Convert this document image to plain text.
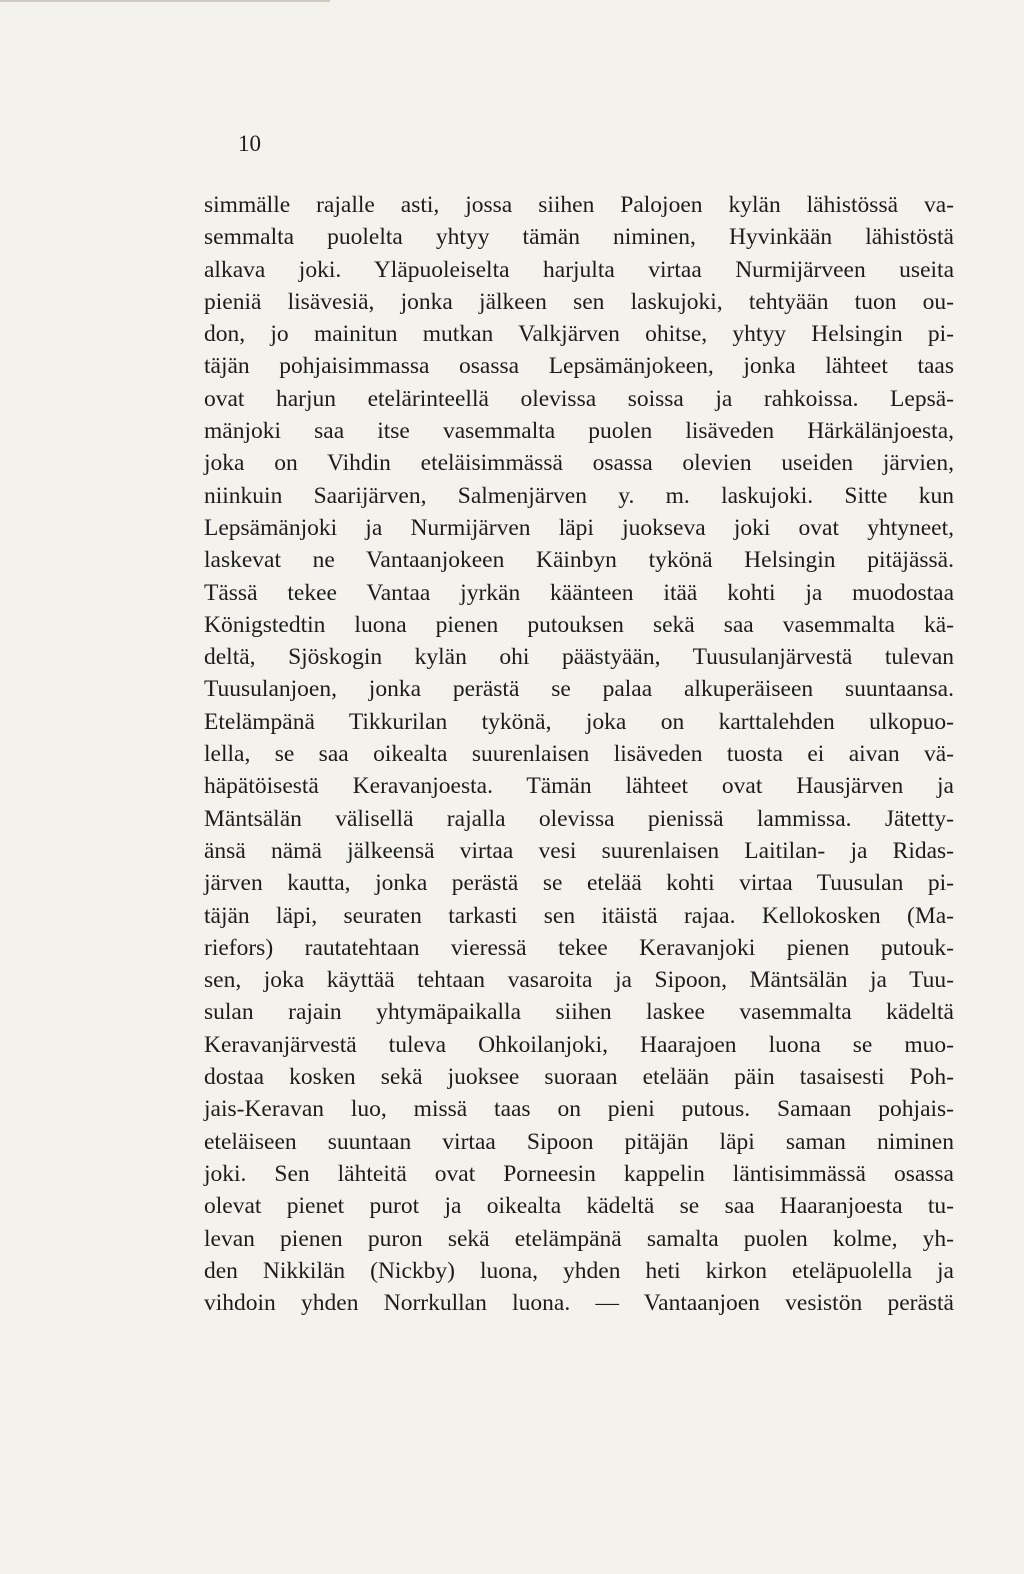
10
simmälle rajalle asti, jossa siihen Palojoen kylän lähistössä va-
semmalta puolelta yhtyy tämän niminen, Hyvinkään lähistöstä
alkava joki. Yläpuoleiselta harjulta virtaa Nurmijärveen useita
pieniä lisävesiä, jonka jälkeen sen laskujoki, tehtyään tuon ou-
don, jo mainitun mutkan Valkjärven ohitse, yhtyy Helsingin pi-
täjän pohjaisimmassa osassa Lepsämänjokeen, jonka lähteet taas
ovat harjun etelärinteellä olevissa soissa ja rahkoissa. Lepsä-
mänjoki saa itse vasemmalta puolen lisäveden Härkälänjoesta,
joka on Vihdin eteläisimmässä osassa olevien useiden järvien,
niinkuin Saarijärven, Salmenjärven y. m. laskujoki. Sitte kun
Lepsämänjoki ja Nurmijärven läpi juokseva joki ovat yhtyneet,
laskevat ne Vantaanjokeen Käinbyn tykönä Helsingin pitäjässä.
Tässä tekee Vantaa jyrkän käänteen itää kohti ja muodostaa
Königstedtin luona pienen putouksen sekä saa vasemmalta kä-
deltä, Sjöskogin kylän ohi päästyään, Tuusulanjärvestä tulevan
Tuusulanjoen, jonka perästä se palaa alkuperäiseen suuntaansa.
Etelämpänä Tikkurilan tykönä, joka on karttalehden ulkopuo-
lella, se saa oikealta suurenlaisen lisäveden tuosta ei aivan vä-
häpätöisestä Keravanjoesta. Tämän lähteet ovat Hausjärven ja
Mäntsälän välisellä rajalla olevissa pienissä lammissa. Jätetty-
änsä nämä jälkeensä virtaa vesi suurenlaisen Laitilan- ja Ridas-
järven kautta, jonka perästä se etelää kohti virtaa Tuusulan pi-
täjän läpi, seuraten tarkasti sen itäistä rajaa. Kellokosken (Ma-
riefors) rautatehtaan vieressä tekee Keravanjoki pienen putouk-
sen, joka käyttää tehtaan vasaroita ja Sipoon, Mäntsälän ja Tuu-
sulan rajain yhtymäpaikalla siihen laskee vasemmalta kädeltä
Keravanjärvestä tuleva Ohkoilanjoki, Haarajoen luona se muo-
dostaa kosken sekä juoksee suoraan etelään päin tasaisesti Poh-
jais-Keravan luo, missä taas on pieni putous. Samaan pohjais-
eteläiseen suuntaan virtaa Sipoon pitäjän läpi saman niminen
joki. Sen lähteitä ovat Porneesin kappelin läntisimmässä osassa
olevat pienet purot ja oikealta kädeltä se saa Haaranjoesta tu-
levan pienen puron sekä etelämpänä samalta puolen kolme, yh-
den Nikkilän (Nickby) luona, yhden heti kirkon eteläpuolella ja
vihdoin yhden Norrkullan luona. — Vantaanjoen vesistön perästä
